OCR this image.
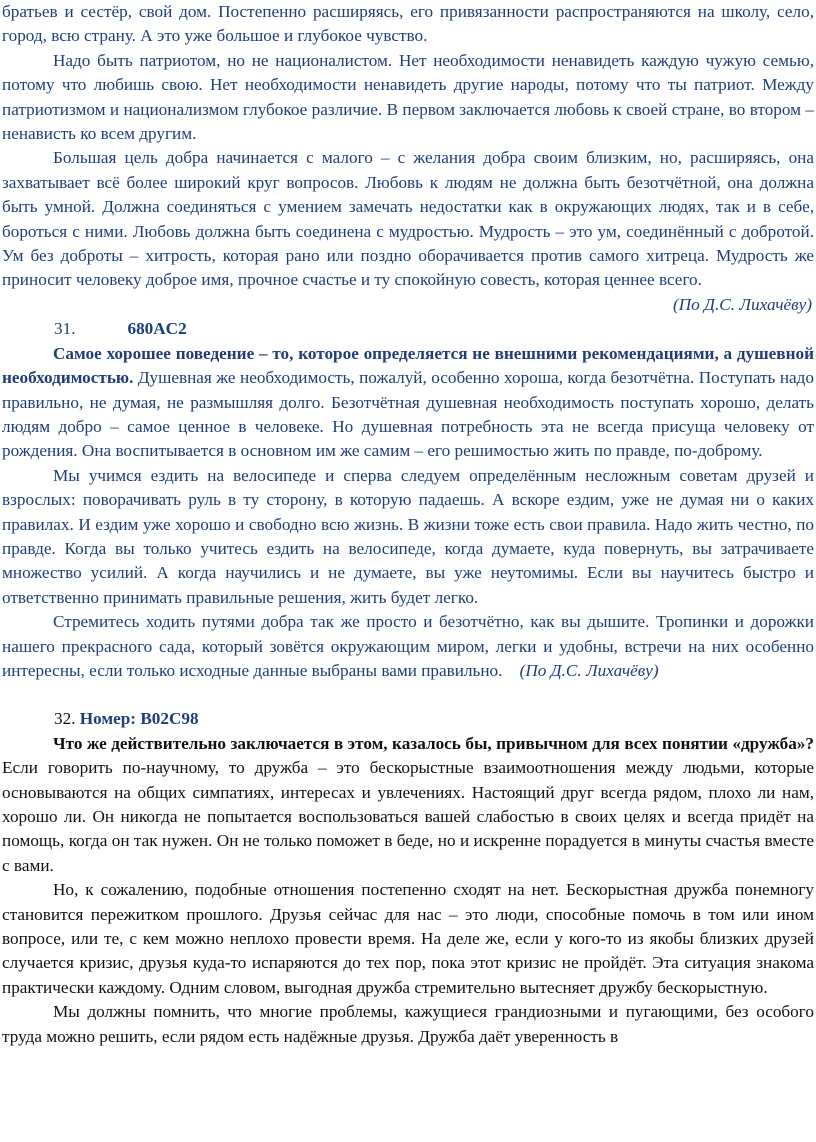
братьев и сестёр, свой дом. Постепенно расширяясь, его привязанности распространяются на школу, село, город, всю страну. А это уже большое и глубокое чувство.

Надо быть патриотом, но не националистом. Нет необходимости ненавидеть каждую чужую семью, потому что любишь свою. Нет необходимости ненавидеть другие народы, потому что ты патриот. Между патриотизмом и национализмом глубокое различие. В первом заключается любовь к своей стране, во втором – ненависть ко всем другим.

Большая цель добра начинается с малого – с желания добра своим близким, но, расширяясь, она захватывает всё более широкий круг вопросов. Любовь к людям не должна быть безотчётной, она должна быть умной. Должна соединяться с умением замечать недостатки как в окружающих людях, так и в себе, бороться с ними. Любовь должна быть соединена с мудростью. Мудрость – это ум, соединённый с добротой. Ум без доброты – хитрость, которая рано или поздно оборачивается против самого хитреца. Мудрость же приносит человеку доброе имя, прочное счастье и ту спокойную совесть, которая ценнее всего.

(По Д.С. Лихачёву)

31.	680AC2

Самое хорошее поведение – то, которое определяется не внешними рекомендациями, а душевной необходимостью. Душевная же необходимость, пожалуй, особенно хороша, когда безотчётна. Поступать надо правильно, не думая, не размышляя долго. Безотчётная душевная необходимость поступать хорошо, делать людям добро – самое ценное в человеке. Но душевная потребность эта не всегда присуща человеку от рождения. Она воспитывается в основном им же самим – его решимостью жить по правде, по-доброму.

Мы учимся ездить на велосипеде и сперва следуем определённым несложным советам друзей и взрослых: поворачивать руль в ту сторону, в которую падаешь. А вскоре ездим, уже не думая ни о каких правилах. И ездим уже хорошо и свободно всю жизнь. В жизни тоже есть свои правила. Надо жить честно, по правде. Когда вы только учитесь ездить на велосипеде, когда думаете, куда повернуть, вы затрачиваете множество усилий. А когда научились и не думаете, вы уже неутомимы. Если вы научитесь быстро и ответственно принимать правильные решения, жить будет легко.

Стремитесь ходить путями добра так же просто и безотчётно, как вы дышите. Тропинки и дорожки нашего прекрасного сада, который зовётся окружающим миром, легки и удобны, встречи на них особенно интересны, если только исходные данные выбраны вами правильно. (По Д.С. Лихачёву)

32. Номер: B02C98

Что же действительно заключается в этом, казалось бы, привычном для всех понятии «дружба»? Если говорить по-научному, то дружба – это бескорыстные взаимоотношения между людьми, которые основываются на общих симпатиях, интересах и увлечениях. Настоящий друг всегда рядом, плохо ли нам, хорошо ли. Он никогда не попытается воспользоваться вашей слабостью в своих целях и всегда придёт на помощь, когда он так нужен. Он не только поможет в беде, но и искренне порадуется в минуты счастья вместе с вами.

Но, к сожалению, подобные отношения постепенно сходят на нет. Бескорыстная дружба понемногу становится пережитком прошлого. Друзья сейчас для нас – это люди, способные помочь в том или ином вопросе, или те, с кем можно неплохо провести время. На деле же, если у кого-то из якобы близких друзей случается кризис, друзья куда-то испаряются до тех пор, пока этот кризис не пройдёт. Эта ситуация знакома практически каждому. Одним словом, выгодная дружба стремительно вытесняет дружбу бескорыстную.

Мы должны помнить, что многие проблемы, кажущиеся грандиозными и пугающими, без особого труда можно решить, если рядом есть надёжные друзья. Дружба даёт уверенность в
